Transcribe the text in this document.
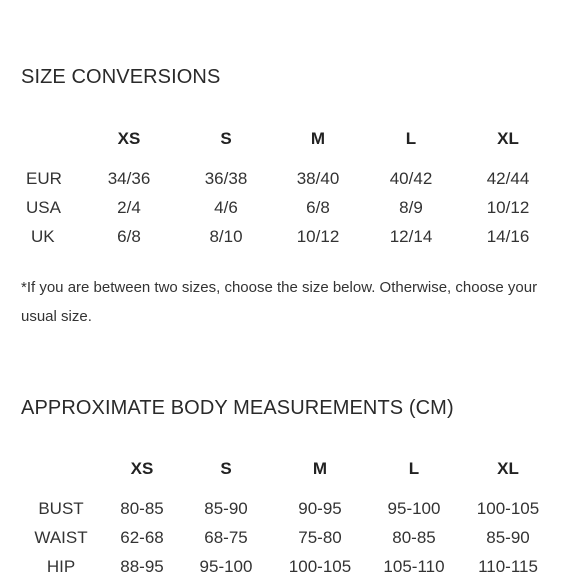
SIZE CONVERSIONS
XS	S	M	L	XL
EUR	34/36	36/38	38/40	40/42	42/44
USA	2/4	4/6	6/8	8/9	10/12
UK	6/8	8/10	10/12	12/14	14/16
*If you are between two sizes, choose the size below. Otherwise, choose your usual size.
APPROXIMATE BODY MEASUREMENTS (CM)
XS	S	M	L	XL
BUST 80-85 85-90	90-95	95-100 100-105
WAIST 62-68 68-75	75-80	80-85	85-90
HIP	88-95 95-100 100-105 105-110 110-115
